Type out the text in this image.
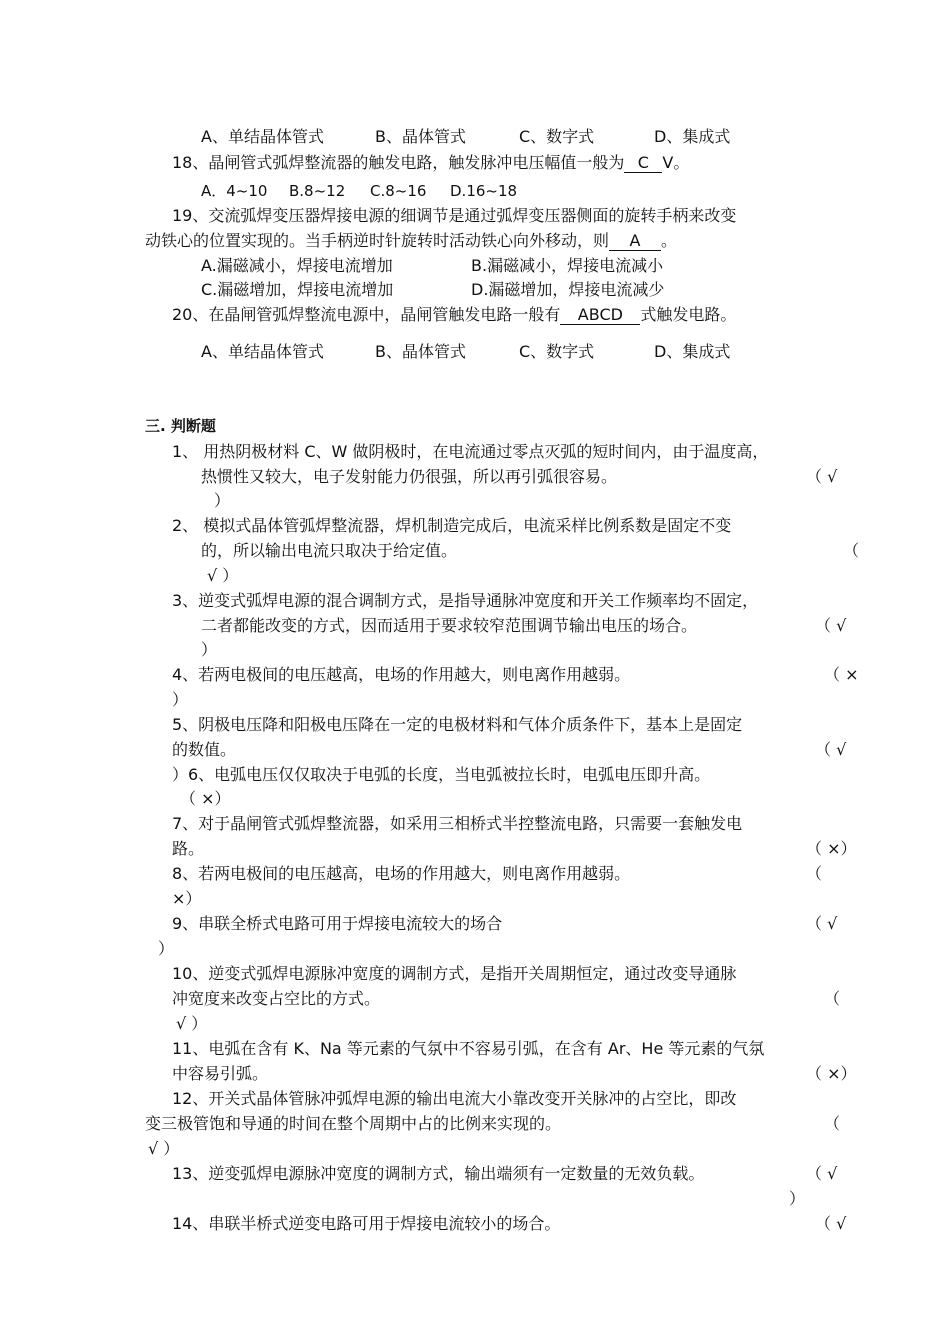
A、单结晶体管式	B、晶体管式	C、数字式	D、集成式
18、晶闸管式弧焊整流器的触发电路，触发脉冲电压幅值一般为 C V。
A．4~10 B.8~12 C.8~16 D.16~18
19、交流弧焊变压器焊接电源的细调节是通过弧焊变压器侧面的旋转手柄来改变
动铁心的位置实现的。当手柄逆时针旋转时活动铁心向外移动，则 A 。
A.漏磁减小，焊接电流增加	B.漏磁减小，焊接电流减小
C.漏磁增加，焊接电流增加	D.漏磁增加，焊接电流减少
20、在晶闸管弧焊整流电源中，晶闸管触发电路一般有 ABCD 式触发电路。
A、单结晶体管式	B、晶体管式	C、数字式	D、集成式
三. 判断题
1、 用热阴极材料 C、W 做阴极时，在电流通过零点灭弧的短时间内，由于温度高，
热惯性又较大，电子发射能力仍很强，所以再引弧很容易。	（ √
）
2、 模拟式晶体管弧焊整流器，焊机制造完成后，电流采样比例系数是固定不变
的，所以输出电流只取决于给定值。	（
√ ）
3、逆变式弧焊电源的混合调制方式，是指导通脉冲宽度和开关工作频率均不固定，
二者都能改变的方式，因而适用于要求较窄范围调节输出电压的场合。	（ √
）
4、若两电极间的电压越高，电场的作用越大，则电离作用越弱。	（ ×
）
5、阴极电压降和阳极电压降在一定的电极材料和气体介质条件下，基本上是固定
的数值。	（ √
）6、电弧电压仅仅取决于电弧的长度，当电弧被拉长时，电弧电压即升高。
（ ×）
7、对于晶闸管式弧焊整流器，如采用三相桥式半控整流电路，只需要一套触发电
路。	（ ×）
8、若两电极间的电压越高，电场的作用越大，则电离作用越弱。	（
×）
9、串联全桥式电路可用于焊接电流较大的场合	（ √
）
10、逆变式弧焊电源脉冲宽度的调制方式，是指开关周期恒定，通过改变导通脉
冲宽度来改变占空比的方式。	（
√ ）
11、电弧在含有 K、Na 等元素的气氛中不容易引弧，在含有 Ar、He 等元素的气氛
中容易引弧。	（ ×）
12、开关式晶体管脉冲弧焊电源的输出电流大小靠改变开关脉冲的占空比，即改
变三极管饱和导通的时间在整个周期中占的比例来实现的。	（
√ ）
13、逆变弧焊电源脉冲宽度的调制方式，输出端须有一定数量的无效负载。	（ √
）
14、串联半桥式逆变电路可用于焊接电流较小的场合。	（ √
